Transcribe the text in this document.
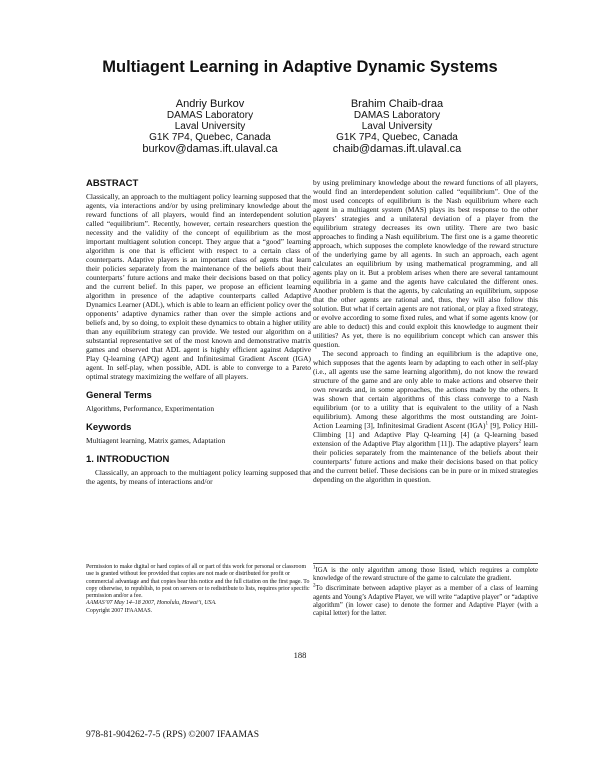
Multiagent Learning in Adaptive Dynamic Systems
Andriy Burkov
DAMAS Laboratory
Laval University
G1K 7P4, Quebec, Canada
burkov@damas.ift.ulaval.ca
Brahim Chaib-draa
DAMAS Laboratory
Laval University
G1K 7P4, Quebec, Canada
chaib@damas.ift.ulaval.ca
ABSTRACT

Classically, an approach to the multiagent policy learning supposed that the agents, via interactions and/or by using preliminary knowledge about the reward functions of all players, would find an interdependent solution called “equilibrium”. Recently, however, certain researchers question the necessity and the validity of the concept of equilibrium as the most important multiagent solution concept. They argue that a “good” learning algorithm is one that is efficient with respect to a certain class of counterparts. Adaptive players is an important class of agents that learn their policies separately from the maintenance of the beliefs about their counterparts’ future actions and make their decisions based on that policy and the current belief. In this paper, we propose an efficient learning algorithm in presence of the adaptive counterparts called Adaptive Dynamics Learner (ADL), which is able to learn an efficient policy over the opponents’ adaptive dynamics rather than over the simple actions and beliefs and, by so doing, to exploit these dynamics to obtain a higher utility than any equilibrium strategy can provide. We tested our algorithm on a substantial representative set of the most known and demonstrative matrix games and observed that ADL agent is highly efficient against Adaptive Play Q-learning (APQ) agent and Infinitesimal Gradient Ascent (IGA) agent. In self-play, when possible, ADL is able to converge to a Pareto optimal strategy maximizing the welfare of all players.

General Terms

Algorithms, Performance, Experimentation

Keywords

Multiagent learning, Matrix games, Adaptation

1. INTRODUCTION

Classically, an approach to the multiagent policy learning supposed that the agents, by means of interactions and/or

Permission to make digital or hard copies of all or part of this work for personal or classroom use is granted without fee provided that copies are not made or distributed for profit or commercial advantage and that copies bear this notice and the full citation on the first page. To copy otherwise, to republish, to post on servers or to redistribute to lists, requires prior specific permission and/or a fee.

AAMAS’07 May 14–18 2007, Honolulu, Hawai’i, USA.

Copyright 2007 IFAAMAS.

by using preliminary knowledge about the reward functions of all players, would find an interdependent solution called “equilibrium”. One of the most used concepts of equilibrium is the Nash equilibrium where each agent in a multiagent system (MAS) plays its best response to the other players’ strategies and a unilateral deviation of a player from the equilibrium strategy decreases its own utility. There are two basic approaches to finding a Nash equilibrium. The first one is a game theoretic approach, which supposes the complete knowledge of the reward structure of the underlying game by all agents. In such an approach, each agent calculates an equilibrium by using mathematical programming, and all agents play on it. But a problem arises when there are several tantamount equilibria in a game and the agents have calculated the different ones. Another problem is that the agents, by calculating an equilibrium, suppose that the other agents are rational and, thus, they will also follow this solution. But what if certain agents are not rational, or play a fixed strategy, or evolve according to some fixed rules, and what if some agents know (or are able to deduct) this and could exploit this knowledge to augment their utilities? As yet, there is no equilibrium concept which can answer this question.

The second approach to finding an equilibrium is the adaptive one, which supposes that the agents learn by adapting to each other in self-play (i.e., all agents use the same learning algorithm), do not know the reward structure of the game and are only able to make actions and observe their own rewards and, in some approaches, the actions made by the others. It was shown that certain algorithms of this class converge to a Nash equilibrium (or to a utility that is equivalent to the utility of a Nash equilibrium). Among these algorithms the most outstanding are Joint-Action Learning [3], Infinitesimal Gradient Ascent (IGA)$^1$ [9], Policy Hill-Climbing [1] and Adaptive Play Q-learning [4] (a Q-learning based extension of the Adaptive Play algorithm [11]). The adaptive players$^2$ learn their policies separately from the maintenance of the beliefs about their counterparts’ future actions and make their decisions based on that policy and the current belief. These decisions can be in pure or in mixed strategies depending on the algorithm in question.

$^1$IGA is the only algorithm among those listed, which requires a complete knowledge of the reward structure of the game to calculate the gradient.

$^2$To discriminate between adaptive player as a member of a class of learning agents and Young’s Adaptive Player, we will write “adaptive player” or “adaptive algorithm” (in lower case) to denote the former and Adaptive Player (with a capital letter) for the latter.

188
978-81-904262-7-5 (RPS) ©2007 IFAAMAS
